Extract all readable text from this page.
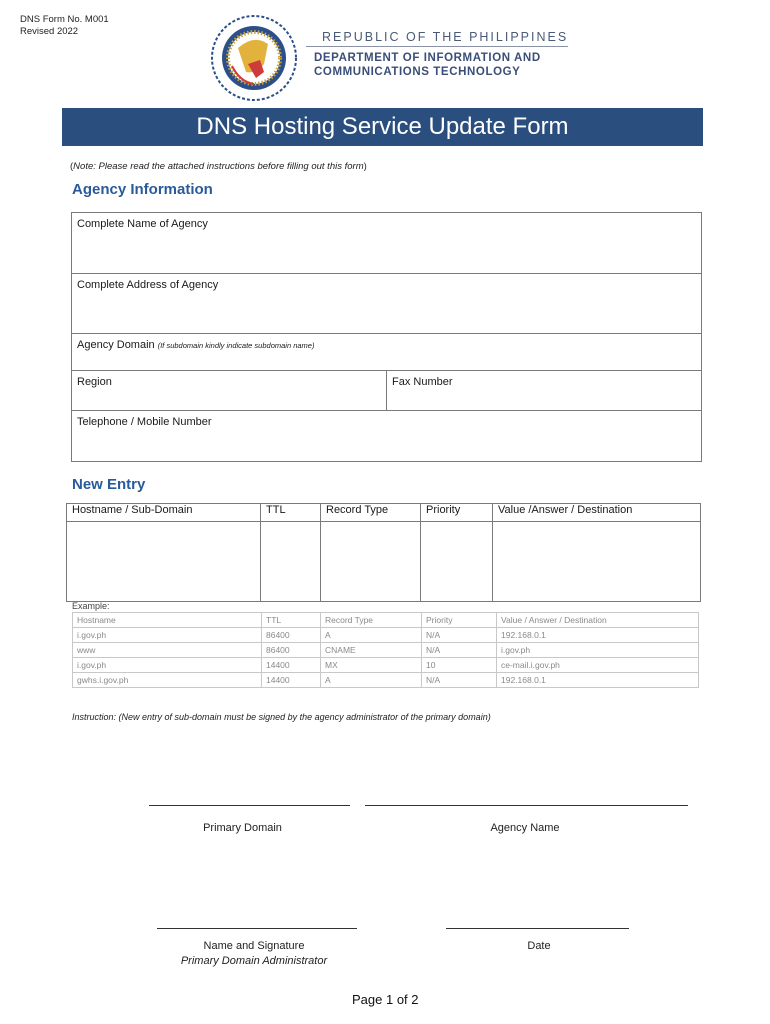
DNS Form No. M001
Revised 2022	REPUBLIC OF THE PHILIPPINES
DEPARTMENT OF INFORMATION AND
COMMUNICATIONS TECHNOLOGY
DNS Hosting Service Update Form
(Note: Please read the attached instructions before filling out this form)
Agency Information
Complete Name of Agency
Complete Address of Agency
Agency Domain (If subdomain kindly indicate subdomain name)
Region	Fax Number
Telephone / Mobile Number
New Entry
Hostname / Sub-Domain	TTL	Record Type	Priority	Value /Answer / Destination

Example:
Hostname	TTL	Record Type	Priority	Value / Answer / Destination
i.gov.ph	86400	A	N/A	192.168.0.1
www	86400	CNAME	N/A	i.gov.ph
i.gov.ph	14400	MX	10	ce-mail.i.gov.ph
gwhs.i.gov.ph	14400	A	N/A	192.168.0.1
Instruction: (New entry of sub-domain must be signed by the agency administrator of the primary domain)
Primary Domain	Agency Name
Name and Signature
Primary Domain Administrator
Date
Page 1 of 2
